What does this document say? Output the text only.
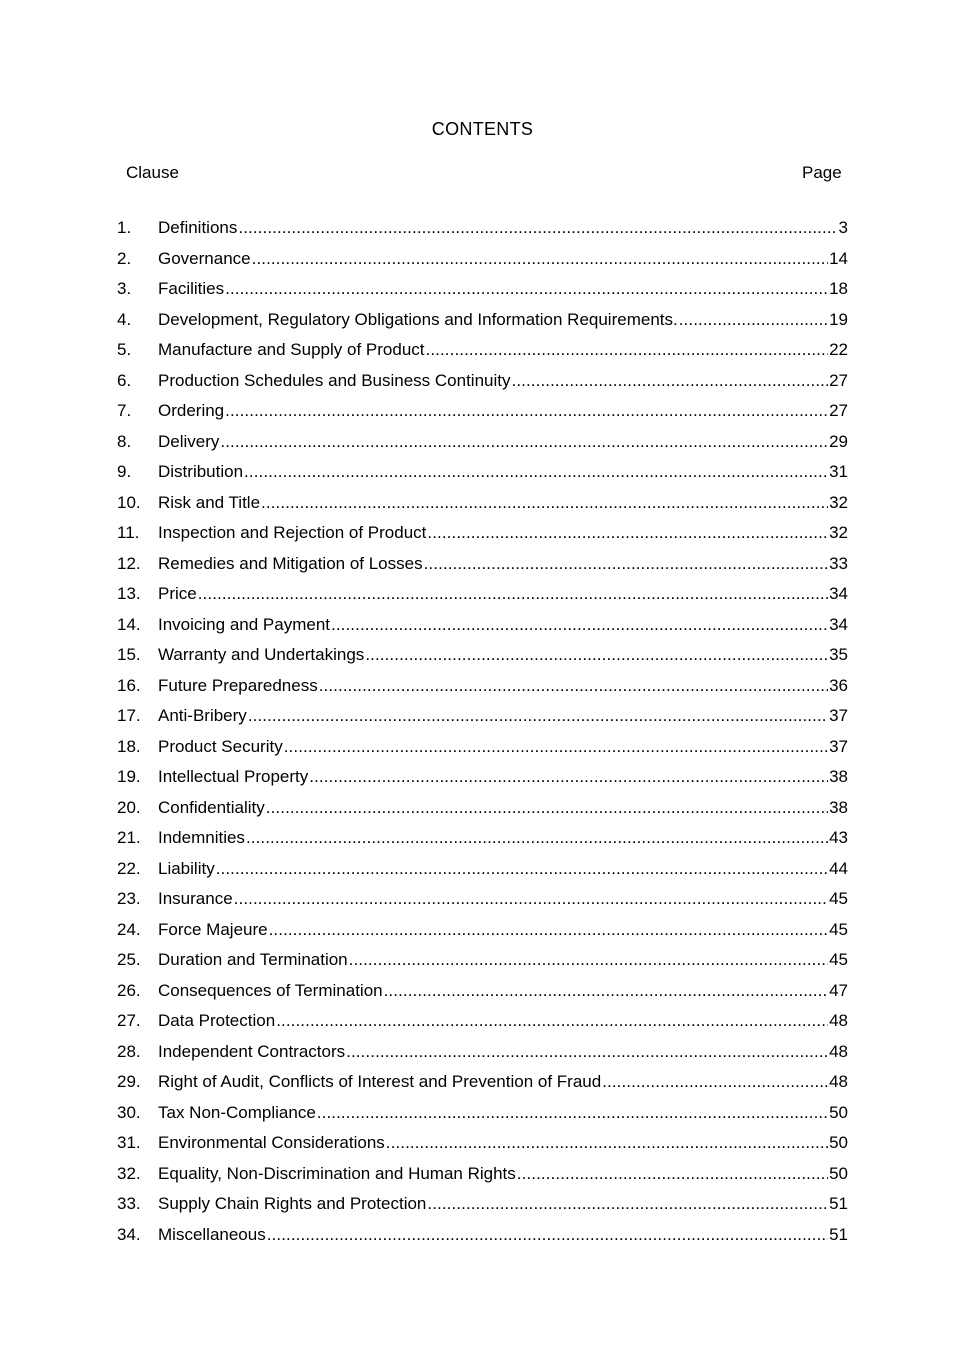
CONTENTS
Clause	Page
1.	Definitions .....	3
2.	Governance .....	14
3.	Facilities .....	18
4.	Development, Regulatory Obligations and Information Requirements. .....	19
5.	Manufacture and Supply of Product .....	22
6.	Production Schedules and Business Continuity .....	27
7.	Ordering .....	27
8.	Delivery .....	29
9.	Distribution .....	31
10.	Risk and Title .....	32
11.	Inspection and Rejection of Product .....	32
12.	Remedies and Mitigation of Losses .....	33
13.	Price .....	34
14.	Invoicing and Payment .....	34
15.	Warranty and Undertakings .....	35
16.	Future Preparedness .....	36
17.	Anti-Bribery .....	37
18.	Product Security .....	37
19.	Intellectual Property .....	38
20.	Confidentiality .....	38
21.	Indemnities .....	43
22.	Liability .....	44
23.	Insurance .....	45
24.	Force Majeure .....	45
25.	Duration and Termination .....	45
26.	Consequences of Termination .....	47
27.	Data Protection .....	48
28.	Independent Contractors .....	48
29.	Right of Audit, Conflicts of Interest and Prevention of Fraud .....	48
30.	Tax Non-Compliance .....	50
31.	Environmental Considerations .....	50
32.	Equality, Non-Discrimination and Human Rights .....	50
33.	Supply Chain Rights and Protection .....	51
34.	Miscellaneous .....	51
